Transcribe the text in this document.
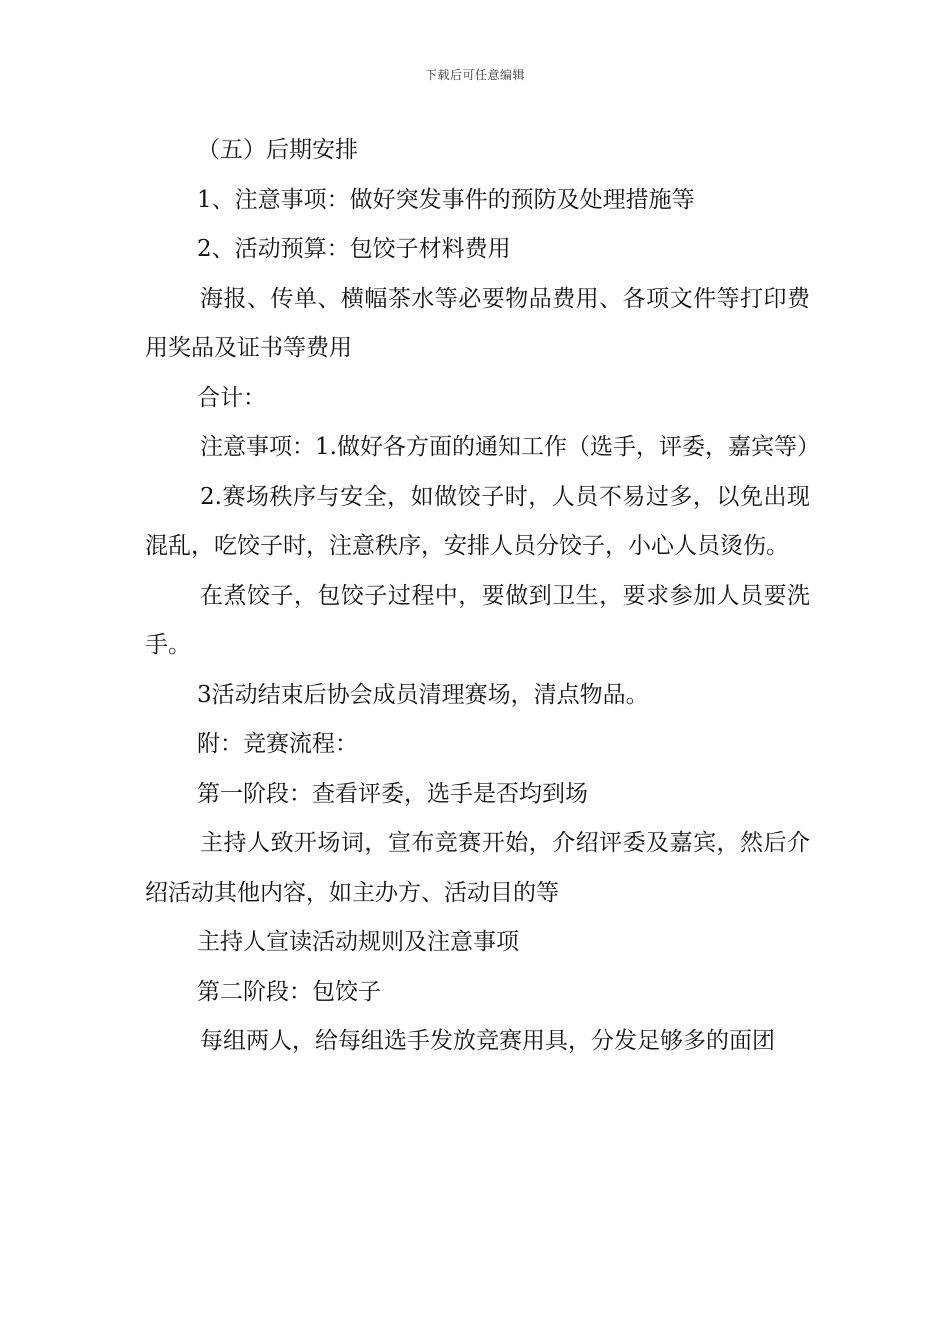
下载后可任意编辑

（五）后期安排

1、注意事项：做好突发事件的预防及处理措施等

2、活动预算：包饺子材料费用

海报、传单、横幅茶水等必要物品费用、各项文件等打印费用奖品及证书等费用

合计：

注意事项：1.做好各方面的通知工作（选手，评委，嘉宾等）

2.赛场秩序与安全，如做饺子时，人员不易过多，以免出现混乱，吃饺子时，注意秩序，安排人员分饺子，小心人员烫伤。

在煮饺子，包饺子过程中，要做到卫生，要求参加人员要洗手。

3活动结束后协会成员清理赛场，清点物品。

附：竞赛流程：

第一阶段：查看评委，选手是否均到场

主持人致开场词，宣布竞赛开始，介绍评委及嘉宾，然后介绍活动其他内容，如主办方、活动目的等

主持人宣读活动规则及注意事项

第二阶段：包饺子

每组两人，给每组选手发放竞赛用具，分发足够多的面团
